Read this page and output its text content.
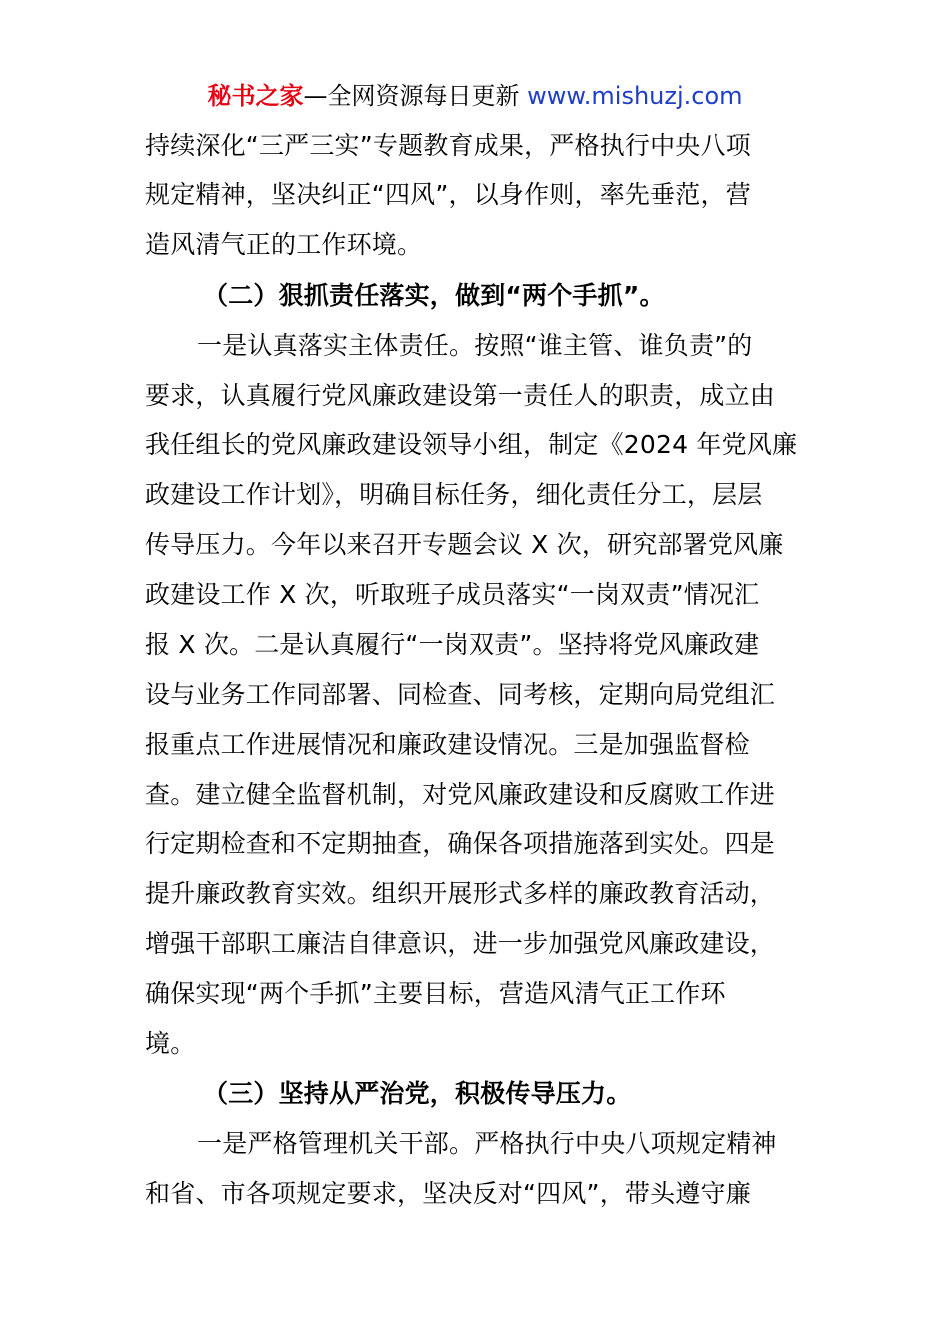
秘书之家—全网资源每日更新 www.mishuzj.com
持续深化“三严三实”专题教育成果，严格执行中央八项
规定精神，坚决纠正“四风”，以身作则，率先垂范，营
造风清气正的工作环境。
（二）狠抓责任落实，做到“两个手抓”。
一是认真落实主体责任。按照“谁主管、谁负责”的
要求，认真履行党风廉政建设第一责任人的职责，成立由
我任组长的党风廉政建设领导小组，制定《2024 年党风廉
政建设工作计划》，明确目标任务，细化责任分工，层层
传导压力。今年以来召开专题会议 X 次，研究部署党风廉
政建设工作 X 次，听取班子成员落实“一岗双责”情况汇
报 X 次。二是认真履行“一岗双责”。坚持将党风廉政建
设与业务工作同部署、同检查、同考核，定期向局党组汇
报重点工作进展情况和廉政建设情况。三是加强监督检
查。建立健全监督机制，对党风廉政建设和反腐败工作进
行定期检查和不定期抽查，确保各项措施落到实处。四是
提升廉政教育实效。组织开展形式多样的廉政教育活动，
增强干部职工廉洁自律意识，进一步加强党风廉政建设，
确保实现“两个手抓”主要目标，营造风清气正工作环
境。
（三）坚持从严治党，积极传导压力。
一是严格管理机关干部。严格执行中央八项规定精神
和省、市各项规定要求，坚决反对“四风”，带头遵守廉
